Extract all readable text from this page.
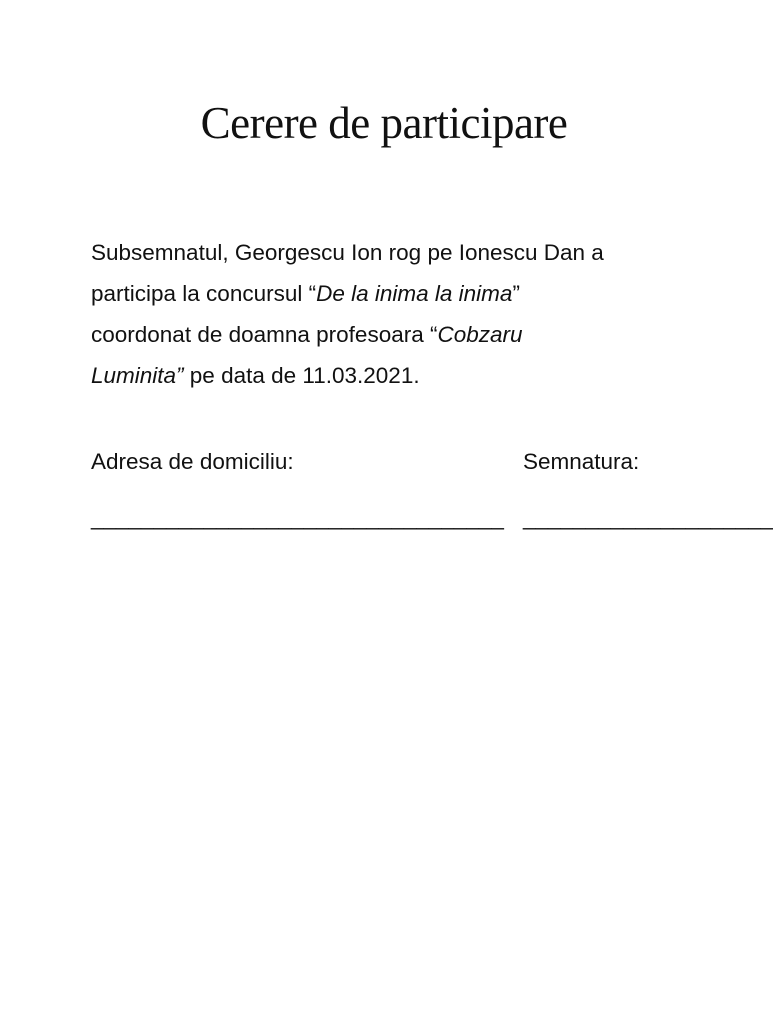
Cerere de participare

Subsemnatul, Georgescu Ion rog pe Ionescu Dan a
participa la concursul “De la inima la inima”
coordonat de doamna profesoara “Cobzaru
Luminita” pe data de 11.03.2021.

Adresa de domiciliu:	Semnatura:

_________________________________ ____________________
